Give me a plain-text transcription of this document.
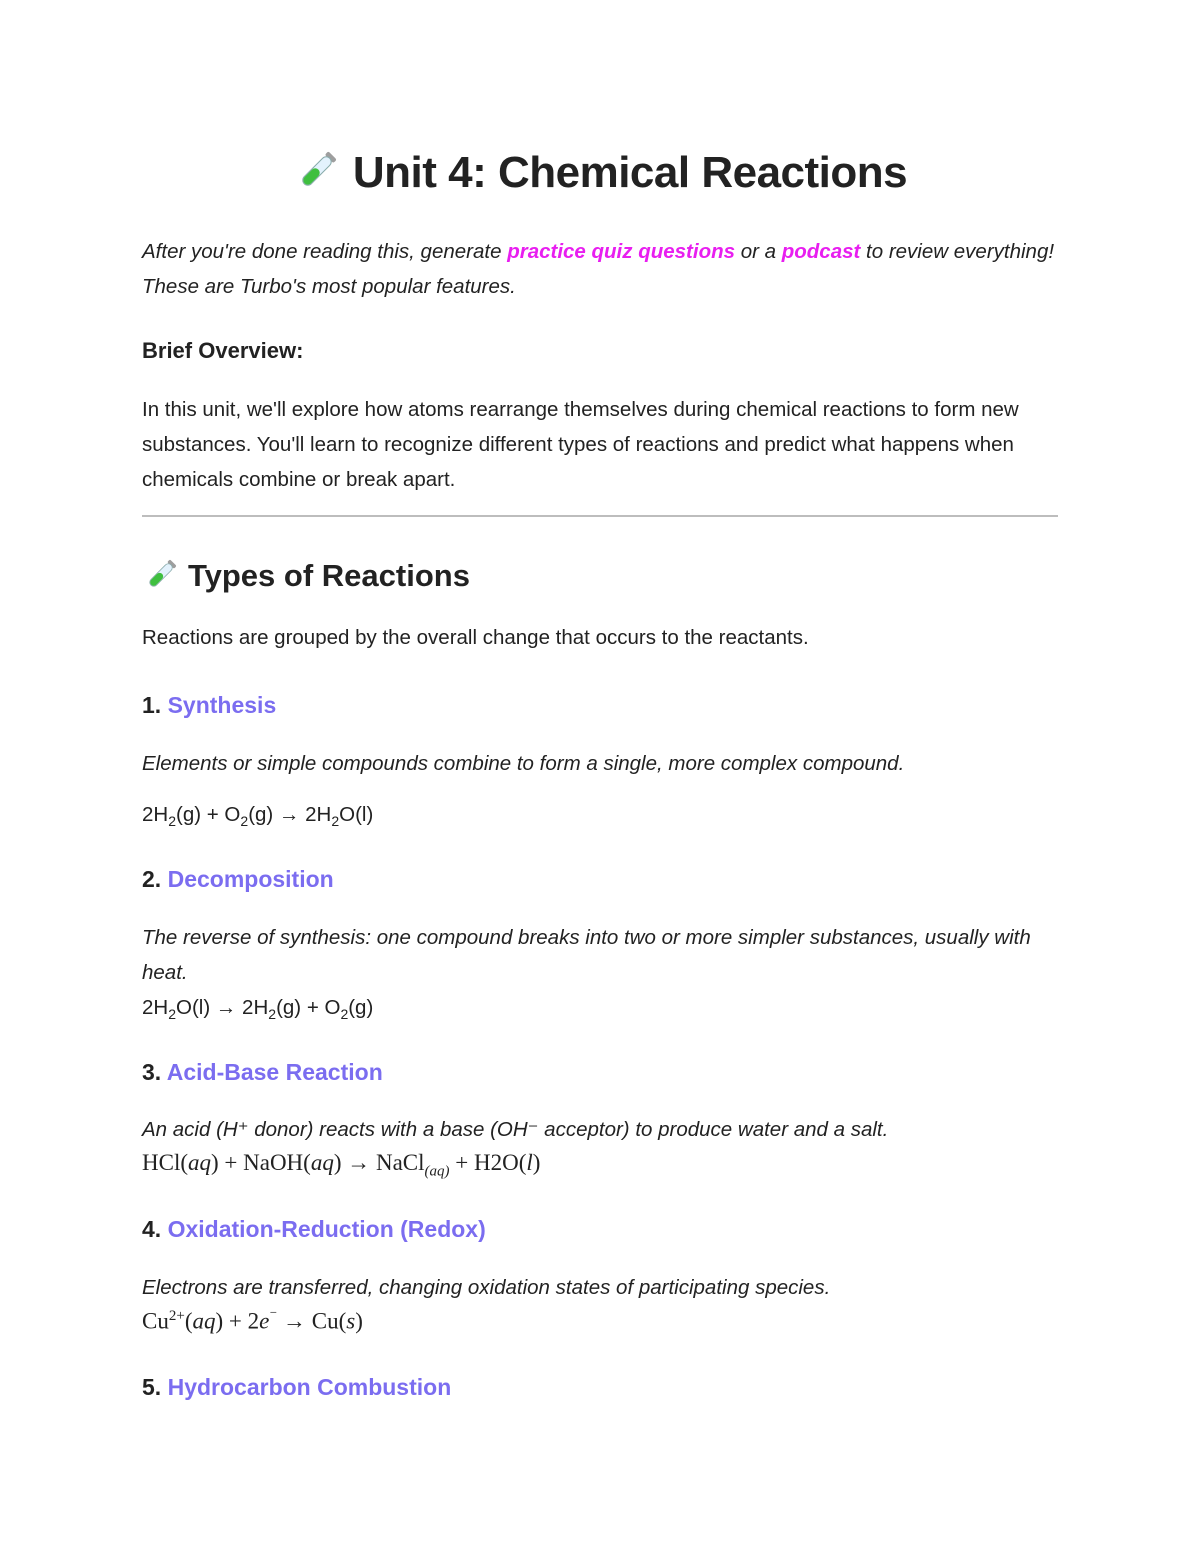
Unit 4: Chemical Reactions

After you're done reading this, generate practice quiz questions or a podcast to review everything! These are Turbo's most popular features.

Brief Overview:

In this unit, we'll explore how atoms rearrange themselves during chemical reactions to form new substances. You'll learn to recognize different types of reactions and predict what happens when chemicals combine or break apart.

Types of Reactions

Reactions are grouped by the overall change that occurs to the reactants.

1. Synthesis

Elements or simple compounds combine to form a single, more complex compound.

$2H_2(g) + O_2(g) \to 2H_2O(l)$

2. Decomposition

The reverse of synthesis: one compound breaks into two or more simpler substances, usually with heat.

$2H_2O(l) \to 2H_2(g) + O_2(g)$

3. Acid-Base Reaction

An acid (H⁺ donor) reacts with a base (OH⁻ acceptor) to produce water and a salt.

HCl(aq) + NaOH(aq) → NaCl$_{(aq)}$ + H2O(l)

4. Oxidation-Reduction (Redox)

Electrons are transferred, changing oxidation states of participating species.

$Cu^{2+}(aq) + 2e^{^-} \to Cu(s)$

5. Hydrocarbon Combustion
